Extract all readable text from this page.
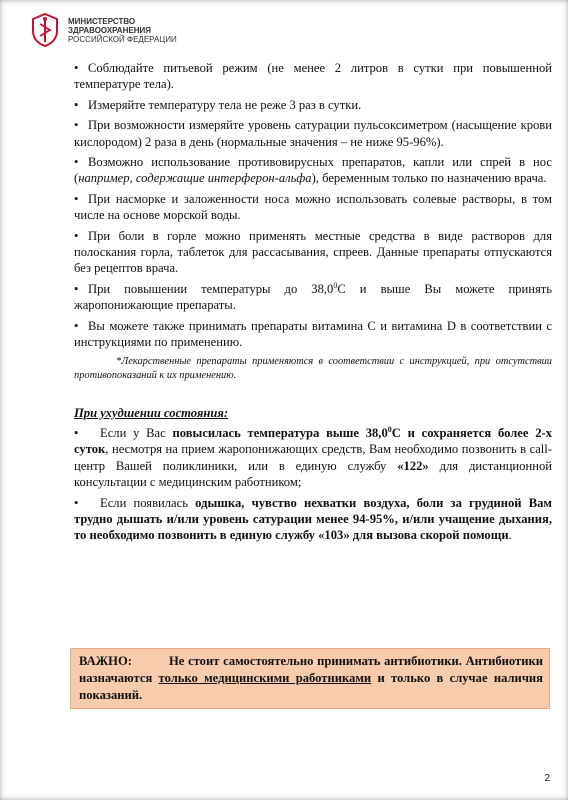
МИНИСТЕРСТВО
ЗДРАВООХРАНЕНИЯ
РОССИЙСКОЙ ФЕДЕРАЦИИ

• Соблюдайте питьевой режим (не менее 2 литров в сутки при повышенной температуре тела).

• Измеряйте температуру тела не реже 3 раз в сутки.

• При возможности измеряйте уровень сатурации пульсоксиметром (насыщение крови кислородом) 2 раза в день (нормальные значения – не ниже 95-96%).

• Возможно использование противовирусных препаратов, капли или спрей в нос (например, содержащие интерферон-альфа), беременным только по назначению врача.

• При насморке и заложенности носа можно использовать солевые растворы, в том числе на основе морской воды.

• При боли в горле можно применять местные средства в виде растворов для полоскания горла, таблеток для рассасывания, спреев. Данные препараты отпускаются без рецептов врача.

• При повышении температуры до 38,0$^0$С и выше Вы можете принять жаропонижающие препараты.

• Вы можете также принимать препараты витамина С и витамина D в соответствии с инструкциями по применению.

*Лекарственные препараты применяются в соответствии с инструкцией, при отсутствии противопоказаний к их применению.

При ухудшении состояния:

• Если у Вас повысилась температура выше 38,0$^0$С и сохраняется более 2-х суток, несмотря на прием жаропонижающих средств, Вам необходимо позвонить в call-центр Вашей поликлиники, или в единую службу «122» для дистанционной консультации с медицинским работником;

• Если появилась одышка, чувство нехватки воздуха, боли за грудиной Вам трудно дышать и/или уровень сатурации менее 94-95%, и/или учащение дыхания, то необходимо позвонить в единую службу «103» для вызова скорой помощи.

ВАЖНО:	Не стоит самостоятельно принимать антибиотики. Антибиотики назначаются только медицинскими работниками и только в случае наличия показаний.
2
